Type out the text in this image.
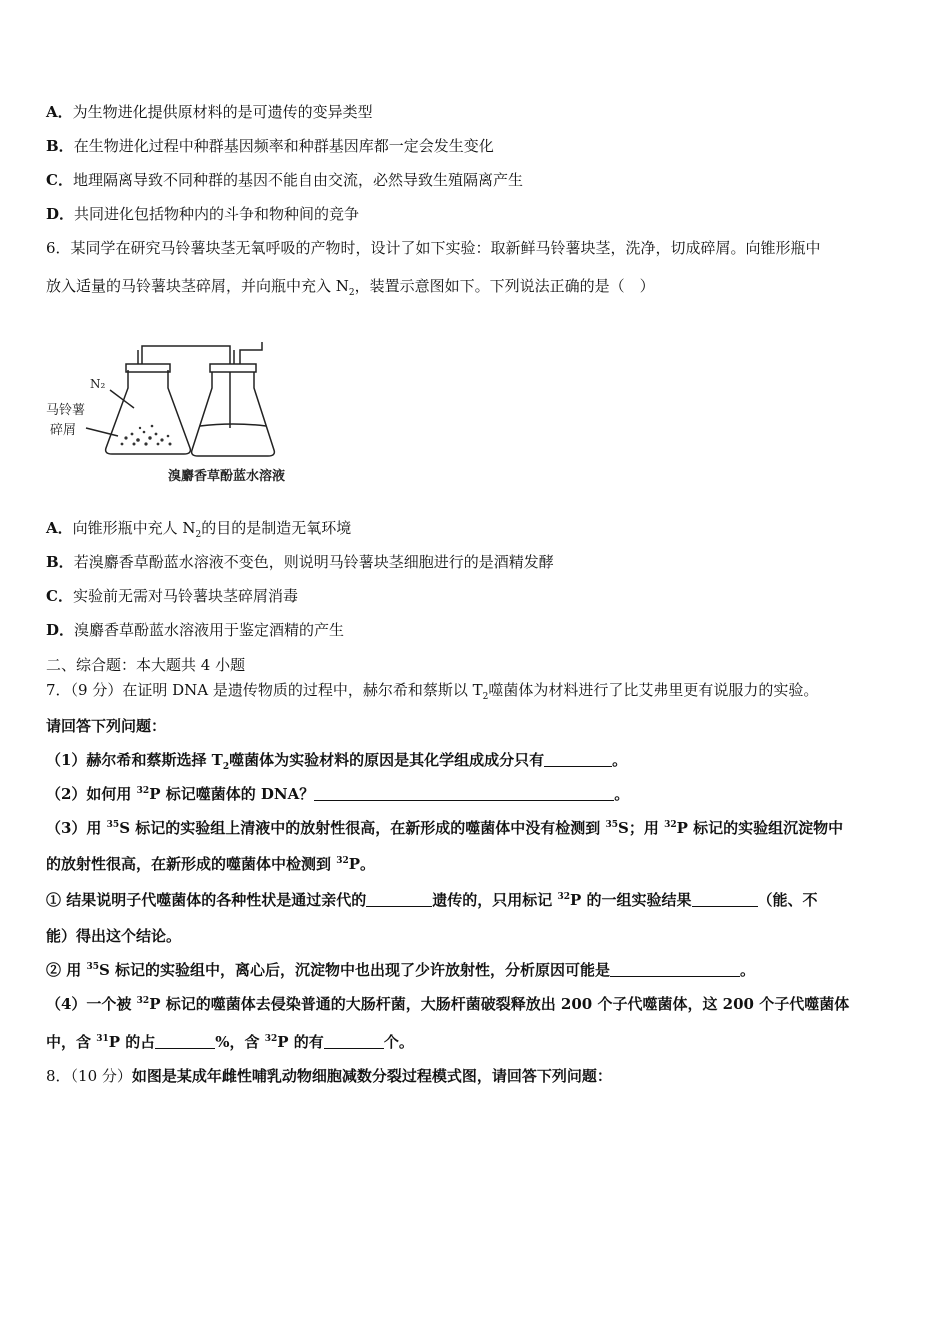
A．为生物进化提供原材料的是可遗传的变异类型
B．在生物进化过程中种群基因频率和种群基因库都一定会发生变化
C．地理隔离导致不同种群的基因不能自由交流，必然导致生殖隔离产生
D．共同进化包括物种内的斗争和物种间的竞争
6．某同学在研究马铃薯块茎无氧呼吸的产物时，设计了如下实验：取新鲜马铃薯块茎，洗净，切成碎屑。向锥形瓶中
放入适量的马铃薯块茎碎屑，并向瓶中充入 $N_2$，装置示意图如下。下列说法正确的是（　）
N₂
马铃薯
碎屑
溴麝香草酚蓝水溶液
A．向锥形瓶中充人 $N_2$的目的是制造无氧环境
B．若溴麝香草酚蓝水溶液不变色，则说明马铃薯块茎细胞进行的是酒精发酵
C．实验前无需对马铃薯块茎碎屑消毒
D．溴麝香草酚蓝水溶液用于鉴定酒精的产生
二、综合题：本大题共 4 小题
7．（9 分）在证明 DNA 是遗传物质的过程中，赫尔希和蔡斯以 $T_2$噬菌体为材料进行了比艾弗里更有说服力的实验。
请回答下列问题：
（1）赫尔希和蔡斯选择 $T_2$噬菌体为实验材料的原因是其化学组成成分只有	。
（2）如何用 $^{32}$P 标记噬菌体的 DNA？	。
（3）用 $^{35}$S 标记的实验组上清液中的放射性很高，在新形成的噬菌体中没有检测到 $^{35}$S；用 $^{32}$P 标记的实验组沉淀物中
的放射性很高，在新形成的噬菌体中检测到 $^{32}$P。
① 结果说明子代噬菌体的各种性状是通过亲代的	遗传的，只用标记 $^{32}$P 的一组实验结果	（能、不
能）得出这个结论。
② 用 $^{35}$S 标记的实验组中，离心后，沉淀物中也出现了少许放射性，分析原因可能是	。
（4）一个被 $^{32}$P 标记的噬菌体去侵染普通的大肠杆菌，大肠杆菌破裂释放出 200 个子代噬菌体，这 200 个子代噬菌体
中，含 $^{31}$P 的占	%，含 $^{32}$P 的有	个。
8．（10 分）如图是某成年雌性哺乳动物细胞减数分裂过程模式图，请回答下列问题：
